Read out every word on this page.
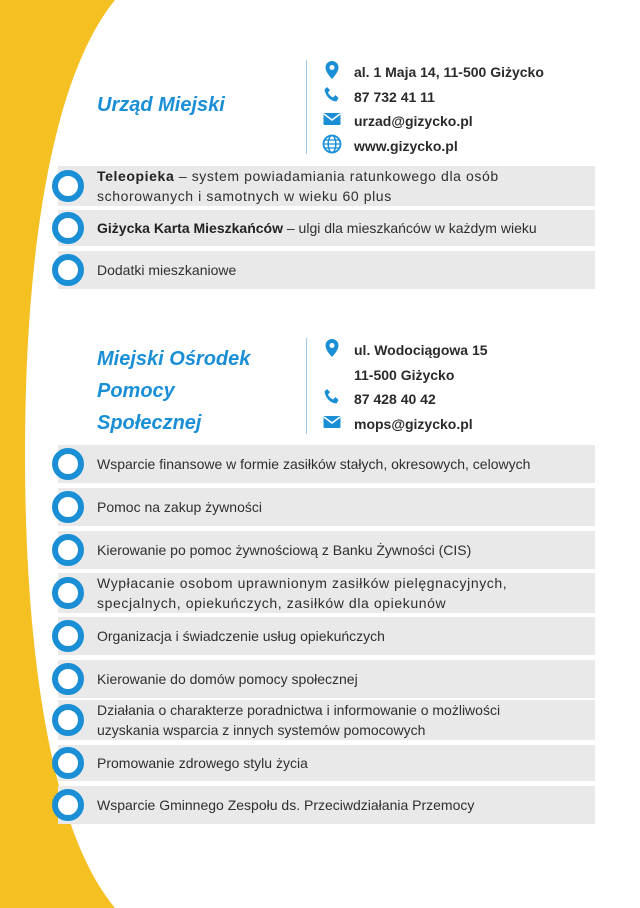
Urząd Miejski
al. 1 Maja 14, 11-500 Giżycko
87 732 41 11
urzad@gizycko.pl
www.gizycko.pl
Teleopieka – system powiadamiania ratunkowego dla osób
schorowanych i samotnych w wieku 60 plus
Giżycka Karta Mieszkańców – ulgi dla mieszkańców w każdym wieku
Dodatki mieszkaniowe
Miejski Ośrodek
Pomocy
Społecznej
ul. Wodociągowa 15
11-500 Giżycko
87 428 40 42
mops@gizycko.pl
Wsparcie finansowe w formie zasiłków stałych, okresowych, celowych
Pomoc na zakup żywności
Kierowanie po pomoc żywnościową z Banku Żywności (CIS)
Wypłacanie osobom uprawnionym zasiłków pielęgnacyjnych,
specjalnych, opiekuńczych, zasiłków dla opiekunów
Organizacja i świadczenie usług opiekuńczych
Kierowanie do domów pomocy społecznej
Działania o charakterze poradnictwa i informowanie o możliwości
uzyskania wsparcia z innych systemów pomocowych
Promowanie zdrowego stylu życia
Wsparcie Gminnego Zespołu ds. Przeciwdziałania Przemocy
